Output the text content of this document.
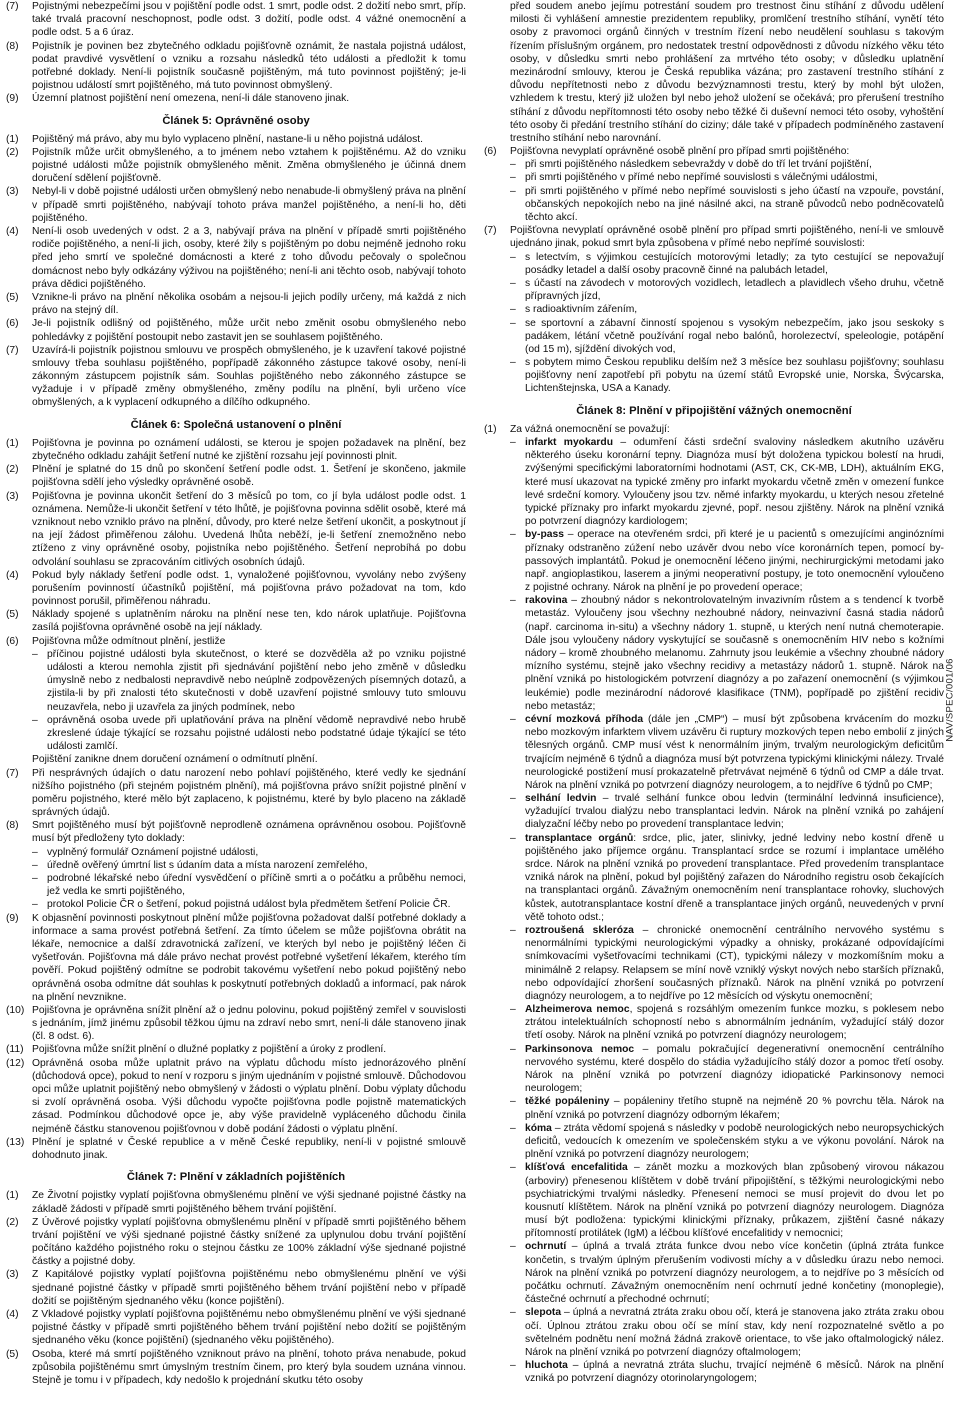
(7)	Pojistnými nebezpečími jsou v pojištění podle odst. 1 smrt, podle odst. 2 dožití nebo smrt, příp. také trvalá pracovní neschopnost, podle odst. 3 dožití, podle odst. 4 vážné onemocnění a podle odst. 5 a 6 úraz.
(8)	Pojistník je povinen bez zbytečného odkladu pojišťovně oznámit, že nastala pojistná událost, podat pravdivé vysvětlení o vzniku a rozsahu následků této události a předložit k tomu potřebné doklady. Není-li pojistník současně pojištěným, má tuto povinnost pojištěný; je-li pojistnou událostí smrt pojištěného, má tuto povinnost obmyšlený.
(9)	Územní platnost pojištění není omezena, není-li dále stanoveno jinak.
Článek 5: Oprávněné osoby
(1)	Pojištěný má právo, aby mu bylo vyplaceno plnění, nastane-li u něho pojistná událost.
(2)	Pojistník může určit obmyšleného, a to jménem nebo vztahem k pojištěnému. Až do vzniku pojistné události může pojistník obmyšleného měnit. Změna obmyšleného je účinná dnem doručení sdělení pojišťovně.
(3)	Nebyl-li v době pojistné události určen obmyšlený nebo nenabude-li obmyšlený práva na plnění v případě smrti pojištěného, nabývají tohoto práva manžel pojištěného, a není-li ho, děti pojištěného.
(4)	Není-li osob uvedených v odst. 2 a 3, nabývají práva na plnění v případě smrti pojištěného rodiče pojištěného, a není-li jich, osoby, které žily s pojištěným po dobu nejméně jednoho roku před jeho smrtí ve společné domácnosti a které z toho důvodu pečovaly o společnou domácnost nebo byly odkázány výživou na pojištěného; není-li ani těchto osob, nabývají tohoto práva dědici pojištěného.
(5)	Vznikne-li právo na plnění několika osobám a nejsou-li jejich podíly určeny, má každá z nich právo na stejný díl.
(6)	Je-li pojistník odlišný od pojištěného, může určit nebo změnit osobu obmyšleného nebo pohledávky z pojištění postoupit nebo zastavit jen se souhlasem pojištěného.
(7)	Uzavírá-li pojistník pojistnou smlouvu ve prospěch obmyšleného, je k uzavření takové pojistné smlouvy třeba souhlasu pojištěného, popřípadě zákonného zástupce takové osoby, není-li zákonným zástupcem pojistník sám. Souhlas pojištěného nebo zákonného zástupce se vyžaduje i v případě změny obmyšleného, změny podílu na plnění, byli určeno více obmyšlených, a k vyplacení odkupného a dílčího odkupného.
Článek 6: Společná ustanovení o plnění
(1)	Pojišťovna je povinna po oznámení události, se kterou je spojen požadavek na plnění, bez zbytečného odkladu zahájit šetření nutné ke zjištění rozsahu její povinnosti plnit.
(2)	Plnění je splatné do 15 dnů po skončení šetření podle odst. 1. Šetření je skončeno, jakmile pojišťovna sdělí jeho výsledky oprávněné osobě.
(3)	Pojišťovna je povinna ukončit šetření do 3 měsíců po tom, co jí byla událost podle odst. 1 oznámena. Nemůže-li ukončit šetření v této lhůtě, je pojišťovna povinna sdělit osobě, které má vzniknout nebo vzniklo právo na plnění, důvody, pro které nelze šetření ukončit, a poskytnout jí na její žádost přiměřenou zálohu. Uvedená lhůta neběží, je-li šetření znemožněno nebo ztíženo z viny oprávněné osoby, pojistníka nebo pojištěného. Šetření neprobíhá po dobu odvolání souhlasu se zpracováním citlivých osobních údajů.
(4)	Pokud byly náklady šetření podle odst. 1, vynaložené pojišťovnou, vyvolány nebo zvýšeny porušením povinností účastníků pojištění, má pojišťovna právo požadovat na tom, kdo povinnost porušil, přiměřenou náhradu.
(5)	Náklady spojené s uplatněním nároku na plnění nese ten, kdo nárok uplatňuje. Pojišťovna zasílá pojišťovna oprávněné osobě na její náklady.
(6)	Pojišťovna může odmítnout plnění, jestliže
– příčinou pojistné události byla skutečnost, o které se dozvěděla až po vzniku pojistné události a kterou nemohla zjistit při sjednávání pojištění nebo jeho změně v důsledku úmyslně nebo z nedbalosti nepravdivě nebo neúplně zodpovězených písemných dotazů, a zjistila-li by při znalosti této skutečnosti v době uzavření pojistné smlouvy tuto smlouvu neuzavřela, nebo ji uzavřela za jiných podmínek, nebo
– oprávněná osoba uvede při uplatňování práva na plnění vědomě nepravdivé nebo hrubě zkreslené údaje týkající se rozsahu pojistné události nebo podstatné údaje týkající se této události zamlčí.
Pojištění zanikne dnem doručení oznámení o odmítnutí plnění.
(7)	Při nesprávných údajích o datu narození nebo pohlaví pojištěného, které vedly ke sjednání nižšího pojistného (při stejném pojistném plnění), má pojišťovna právo snížit pojistné plnění v poměru pojistného, které mělo být zaplaceno, k pojistnému, které by bylo placeno na základě správných údajů.
(8)	Smrt pojištěného musí být pojišťovně neprodleně oznámena oprávněnou osobou. Pojišťovně musí být předloženy tyto doklady:
– vyplněný formulář Oznámení pojistné události,
– úředně ověřený úmrtní list s údaním data a místa narození zemřelého,
– podrobné lékařské nebo úřední vysvědčení o příčině smrti a o počátku a průběhu nemoci, jež vedla ke smrti pojištěného,
– protokol Policie ČR o šetření, pokud pojistná událost byla předmětem šetření Policie ČR.
(9)	K objasnění povinnosti poskytnout plnění může pojišťovna požadovat další potřebné doklady a informace a sama provést potřebná šetření. Za tímto účelem se může pojišťovna obrátit na lékaře, nemocnice a další zdravotnická zařízení, ve kterých byl nebo je pojištěný léčen či vyšetřován. Pojišťovna má dále právo nechat provést potřebné vyšetření lékařem, kterého tím pověří. Pokud pojištěný odmítne se podrobit takovému vyšetření nebo pokud pojištěný nebo oprávněná osoba odmítne dát souhlas k poskytnutí potřebných dokladů a informací, pak nárok na plnění nevznikne.
(10) Pojišťovna je oprávněna snížit plnění až o jednu polovinu, pokud pojištěný zemřel v souvislosti s jednáním, jímž jinému způsobil těžkou újmu na zdraví nebo smrt, není-li dále stanoveno jinak (čl. 8 odst. 6).
(11) Pojišťovna může snížit plnění o dlužné poplatky z pojištění a úroky z prodlení.
(12) Oprávněná osoba může uplatnit právo na výplatu důchodu místo jednorázového plnění (důchodová opce), pokud to není v rozporu s jiným ujednáním v pojistné smlouvě. Důchodovou opci může uplatnit pojištěný nebo obmyšlený v žádosti o výplatu plnění. Dobu výplaty důchodu si zvolí oprávněná osoba. Výši důchodu vypočte pojišťovna podle pojistně matematických zásad. Podmínkou důchodové opce je, aby výše pravidelně vypláceného důchodu činila nejméně částku stanovenou pojišťovnou v době podání žádosti o výplatu plnění.
(13) Plnění je splatné v České republice a v měně České republiky, není-li v pojistné smlouvě dohodnuto jinak.
Článek 7: Plnění v základních pojištěních
(1)	Ze Životní pojistky vyplatí pojišťovna obmyšlenému plnění ve výši sjednané pojistné částky na základě žádosti v případě smrti pojištěného během trvání pojištění.
(2)	Z Úvěrové pojistky vyplatí pojišťovna obmyšlenému plnění v případě smrti pojištěného během trvání pojištění ve výši sjednané pojistné částky snížené za uplynulou dobu trvání pojištění počítáno každého pojistného roku o stejnou částku ze 100% základní výše sjednané pojistné částky a pojistné doby.
(3)	Z Kapitálové pojistky vyplatí pojišťovna pojištěnému nebo obmyšlenému plnění ve výši sjednané pojistné částky v případě smrti pojištěného během trvání pojištění nebo v případě dožití se pojištěným sjednaného věku (konce pojištění).
(4)	Z Vkladové pojistky vyplatí pojišťovna pojištěnému nebo obmyšlenému plnění ve výši sjednané pojistné částky v případě smrti pojištěného během trvání pojištění nebo dožití se pojištěným sjednaného věku (konce pojištění) (sjednaného věku pojištěného).
(5)	Osoba, které má smrtí pojištěného vzniknout právo na plnění, tohoto práva nenabude, pokud způsobila pojištěnému smrt úmyslným trestním činem, pro který byla soudem uznána vinnou. Stejně je tomu i v případech, kdy nedošlo k projednání skutku této osoby
před soudem anebo jejímu potrestání soudem pro trestnost činu stíhání z důvodu udělení milosti či vyhlášení amnestie prezidentem republiky, promlčení trestního stíhání, vynětí této osoby z pravomoci orgánů činných v trestním řízení nebo neudělení souhlasu s takovým řízením příslušným orgánem, pro nedostatek trestní odpovědnosti z důvodu nízkého věku této osoby, v důsledku smrti nebo prohlášení za mrtvého této osoby; v důsledku uplatnění mezinárodní smlouvy, kterou je Česká republika vázána; pro zastavení trestního stíhání z důvodu nepřítetnosti nebo z důvodu bezvýznamnosti trestu, který by mohl být uložen, vzhledem k trestu, který již uložen byl nebo jehož uložení se očekává; pro přerušení trestního stíhání z důvodu nepřítomnosti této osoby nebo těžké či duševní nemoci této osoby, vyhoštění této osoby či předání trestního stíhání do ciziny; dále také v případech podmíněného zastavení trestního stíhání nebo narovnání.
(6)	Pojišťovna nevyplatí oprávněné osobě plnění pro případ smrti pojištěného:
– při smrti pojištěného následkem sebevraždy v době do tří let trvání pojištění,
– při smrti pojištěného v přímé nebo nepřímé souvislosti s válečnými událostmi,
– při smrti pojištěného v přímé nebo nepřímé souvislosti s jeho účastí na vzpouře, povstání, občanských nepokojích nebo na jiné násilné akci, na straně původců nebo podněcovatelů těchto akcí.
(7)	Pojišťovna nevyplatí oprávněné osobě plnění pro případ smrti pojištěného, není-li ve smlouvě ujednáno jinak, pokud smrt byla způsobena v přímé nebo nepřímé souvislosti:
– s letectvím, s výjimkou cestujících motorovými letadly; za tyto cestující se nepovažují posádky letadel a další osoby pracovně činné na palubách letadel,
– s účastí na závodech v motorových vozidlech, letadlech a plavidlech všeho druhu, včetně přípravných jízd,
– s radioaktivním zářením,
– se sportovní a zábavní činností spojenou s vysokým nebezpečím, jako jsou seskoky s padákem, létání včetně používání rogal nebo balónů, horolezectví, speleologie, potápění (od 15 m), sjíždění divokých vod,
– s pobytem mimo Českou republiku delším než 3 měsíce bez souhlasu pojišťovny; souhlasu pojišťovny není zapotřebí při pobytu na území států Evropské unie, Norska, Švýcarska, Lichtenštejnska, USA a Kanady.
Článek 8: Plnění v připojištění vážných onemocnění
(1)	Za vážná onemocnění se považují:
– infarkt myokardu – odumření části srdeční svaloviny následkem akutního uzávěru některého úseku koronární tepny. Diagnóza musí být doložena typickou bolestí na hrudi, zvýšenými specifickými laboratorními hodnotami (AST, CK, CK-MB, LDH), aktuálním EKG, které musí ukazovat na typické změny pro infarkt myokardu včetně změn v omezení funkce levé srdeční komory. Vyloučeny jsou tzv. němé infarkty myokardu, u kterých nesou zřetelné typické příznaky pro infarkt myokardu zjevné, popř. nesou zjištěny. Nárok na plnění vzniká po potvrzení diagnózy kardiologem;
– by-pass – operace na otevřeném srdci, při které je u pacientů s omezujícími anginózními příznaky odstraněno zúžení nebo uzávěr dvou nebo více koronárních tepen, pomocí by-passových implantátů. Pokud je onemocnění léčeno jinými, nechirurgickými metodami jako např. angioplastikou, laserem a jinými neoperativní postupy, je toto onemocnění vyloučeno z pojistné ochrany. Nárok na plnění je po provedení operace;
– rakovina – zhoubný nádor s nekontrolovatelným invazivním růstem a s tendencí k tvorbě metastáz. Vyloučeny jsou všechny nezhoubné nádory, neinvazivní časná stadia nádorů (např. carcinoma in-situ) a všechny nádory 1. stupně, u kterých není nutná chemoterapie. Dále jsou vyloučeny nádory vyskytující se současně s onemocněním HIV nebo s kožními nádory – kromě zhoubného melanomu. Zahrnuty jsou leukémie a všechny zhoubné nádory mízního systému, stejně jako všechny recidivy a metastázy nádorů 1. stupně. Nárok na plnění vzniká po histologickém potvrzení diagnózy a po zařazení onemocnění (s výjimkou leukémie) podle mezinárodní nádorové klasifikace (TNM), popřípadě po zjištění recidiv nebo metastáz;
– cévní mozková příhoda (dále jen „CMP“) – musí být způsobena krvácením do mozku nebo mozkovým infarktem vlivem uzávěru či ruptury mozkových tepen nebo embolií z jiných tělesných orgánů. CMP musí vést k nenormálním jiným, trvalým neurologickým deficitům trvajícím nejméně 6 týdnů a diagnóza musí být potvrzena typickými klinickými nálezy. Trvalé neurologické postižení musí prokazatelně přetrvávat nejméně 6 týdnů od CMP a dále trvat. Nárok na plnění vzniká po potvrzení diagnózy neurologem, a to nejdříve 6 týdnů po CMP;
– selhání ledvin – trvalé selhání funkce obou ledvin (terminální ledvinná insuficience), vyžadující trvalou dialýzu nebo transplantaci ledvin. Nárok na plnění vzniká po zahájení dialyzační léčby nebo po provedení transplantace ledvin;
– transplantace orgánů: srdce, plic, jater, slinivky, jedné ledviny nebo kostní dřeně u pojištěného jako příjemce orgánu. Transplantací srdce se rozumí i implantace umělého srdce. Nárok na plnění vzniká po provedení transplantace. Před provedením transplantace vzniká nárok na plnění, pokud byl pojištěný zařazen do Národního registru osob čekajících na transplantaci orgánů. Závažným onemocněním není transplantace rohovky, sluchových kůstek, autotransplantace kostní dřeně a transplantace jiných orgánů, neuvedených v první větě tohoto odst.;
– roztroušená skleróza – chronické onemocnění centrálního nervového systému s nenormálními typickými neurologickými výpadky a ohnisky, prokázané odpovídajícími snímkovacími vyšetřovacími technikami (CT), typickými nálezy v mozkomíšním moku a minimálně 2 relapsy. Relapsem se míní nově vzniklý výskyt nových nebo starších příznaků, nebo odpovídající zhoršení současných příznaků. Nárok na plnění vzniká po potvrzení diagnózy neurologem, a to nejdříve po 12 měsících od výskytu onemocnění;
– Alzheimerova nemoc, spojená s rozsáhlým omezením funkce mozku, s poklesem nebo ztrátou intelektuálních schopností nebo s abnormálním jednáním, vyžadující stálý dozor třetí osoby. Nárok na plnění vzniká po potvrzení diagnózy neurologem;
– Parkinsonova nemoc – pomalu pokračující degenerativní onemocnění centrálního nervového systému, které dospělo do stádia vyžadujícího stálý dozor a pomoc třetí osoby. Nárok na plnění vzniká po potvrzení diagnózy idiopatické Parkinsonovy nemoci neurologem;
– těžké popáleniny – popáleniny třetího stupně na nejméně 20 % povrchu těla. Nárok na plnění vzniká po potvrzení diagnózy odborným lékařem;
– kóma – ztráta vědomí spojená s následky v podobě neurologických nebo neuropsychických deficitů, vedoucích k omezením ve společenském styku a ve výkonu povolání. Nárok na plnění vzniká po potvrzení diagnózy neurologem;
– klíšťová encefalitida – zánět mozku a mozkových blan způsobený virovou nákazou (arboviry) přenesenou klíštětem v době trvání připojištění, s těžkými neurologickými nebo psychiatrickými trvalými následky. Přenesení nemoci se musí projevit do dvou let po kousnutí klíštětem. Nárok na plnění vzniká po potvrzení diagnózy neurologem. Diagnóza musí být podložena: typickými klinickými příznaky, průkazem, zjištění časné nákazy přítomností protilátek (IgM) a léčbou klíšťové encefalitidy v nemocnici;
– ochrnutí – úplná a trvalá ztráta funkce dvou nebo více končetin (úplná ztráta funkce končetin, s trvalým úplným přerušením vodivosti míchy a v důsledku úrazu nebo nemoci. Nárok na plnění vzniká po potvrzení diagnózy neurologem, a to nejdříve po 3 měsících od počátku ochrnutí. Závažným onemocněním není ochrnutí jedné končetiny (monoplegie), částečné ochrnutí a přechodné ochrnutí;
– slepota – úplná a nevratná ztráta zraku obou očí, která je stanovena jako ztráta zraku obou očí. Úplnou ztrátou zraku obou očí se míní stav, kdy není rozpoznatelné světlo a po světelném podnětu není možná žádná zrakově orientace, to vše jako oftalmologický nález. Nárok na plnění vzniká po potvrzení diagnózy oftalmologem;
– hluchota – úplná a nevratná ztráta sluchu, trvající nejméně 6 měsíců. Nárok na plnění vzniká po potvrzení diagnózy otorinolaryngologem;
NAV/SPEC/001/06
